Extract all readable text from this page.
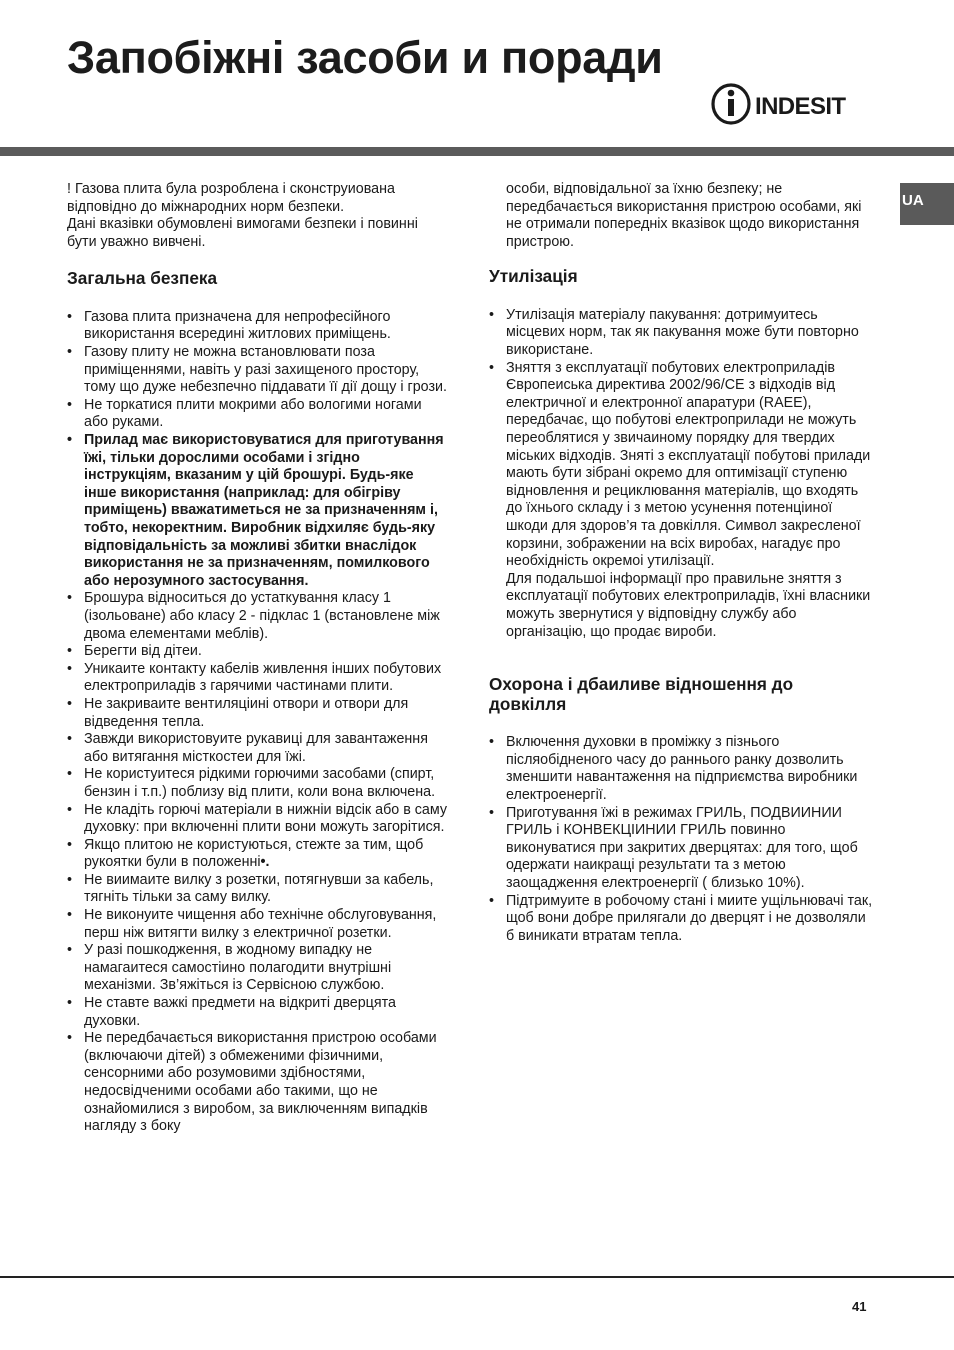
Запобіжні засоби и поради
INDESIT
UA

! Газова плита була розроблена і сконструиована відповідно до міжнародних норм безпеки.

Дані вказівки обумовлені вимогами безпеки і повинні бути уважно вивчені.

Загальна безпека
• Газова плита призначена для непрофесійного використання всередині житлових приміщень.
• Газову плиту не можна встановлювати поза приміщеннями, навіть у разі захищеного простору, тому що дуже небезпечно піддавати її дії дощу і грози.
• Не торкатися плити мокрими або вологими ногами або руками.
• Прилад має використовуватися для приготування їжі, тільки дорослими особами і згідно інструкціям, вказаним у цій брошурі. Будь-яке інше використання (наприклад: для обігріву приміщень) вважатиметься не за призначенням і, тобто, некоректним. Виробник відхиляє будь-яку відповідальність за можливі збитки внаслідок використання не за призначенням, помилкового або нерозумного застосування.
• Брошура відноситься до устаткування класу 1 (ізольоване) або класу 2 - підклас 1 (встановлене між двома елементами меблів).
• Берегти від дітеи.
• Уникаите контакту кабелів живлення інших побутових електроприладів з гарячими частинами плити.
• Не закриваите вентиляціині отвори и отвори для відведення тепла.
• Завжди використовуите рукавиці для завантаження або витягання місткостеи для їжі.
• Не користуитеся рідкими горючими засобами (спирт, бензин і т.п.) поблизу від плити, коли вона включена.
• Не кладіть горючі матеріали в нижніи відсік або в саму духовку: при включенні плити вони можуть загорітися.
• Якщо плитою не користуються, стежте за тим, щоб рукоятки були в положенні•.
• Не виимаите вилку з розетки, потягнувши за кабель, тягніть тільки за саму вилку.
• Не виконуите чищення або технічне обслуговування, перш ніж витягти вилку з електричної розетки.
• У разі пошкодження, в жодному випадку не намагаитеся самостіино полагодити внутрішні механізми. Зв’яжіться із Сервісною службою.
• Не ставте важкі предмети на відкриті дверцята духовки.
• Не передбачається використання пристрою особами (включаючи дітей) з обмеженими фізичними, сенсорними або розумовими здібностями, недосвідченими особами або такими, що не ознайомилися з виробом, за виключенням випадків нагляду з боку

особи, відповідальної за їхню безпеку; не передбачається використання пристрою особами, які не отримали попередніх вказівок щодо використання пристрою.

Утилізація
• Утилізація матеріалу пакування: дотримуитесь місцевих норм, так як пакування може бути повторно використане.
• Зняття з експлуатації побутових електроприладів Європеиська директива 2002/96/CE з відходів від електричної и електронної апаратури (RAEE), передбачає, що побутові електроприлади не можуть переоблятися у звичаиному порядку для твердих міських відходів. Зняті з експлуатації побутові прилади мають бути зібрані окремо для оптимізації ступеню відновлення и рециклювання матеріалів, що входять до їхнього складу і з метою усунення потенціиної шкоди для здоров’я та довкілля. Символ закресленої корзини, зображении на всіх виробах, нагадує про необхідність окремоі утилізації.

Для подальшоі інформації про правильне зняття з експлуатації побутових електроприладів, їхні власники можуть звернутися у відповідну службу або організацію, що продає вироби.

Охорона і дбаиливе відношення до довкілля
• Включення духовки в проміжку з пізнього післяобідненого часу до раннього ранку дозволить зменшити навантаження на підприємства виробники електроенергії.
• Приготування їжі в режимах ГРИЛЬ, ПОДВИИНИИ ГРИЛЬ і КОНВЕКЦІИНИИ ГРИЛЬ повинно виконуватися при закритих дверцятах: для того, щоб одержати наикращі результати та з метою заощадження електроенергії ( близько 10%).
• Підтримуите в робочому стані і миите ущільнювачі так, щоб вони добре прилягали до дверцят і не дозволяли б виникати втратам тепла.
41
